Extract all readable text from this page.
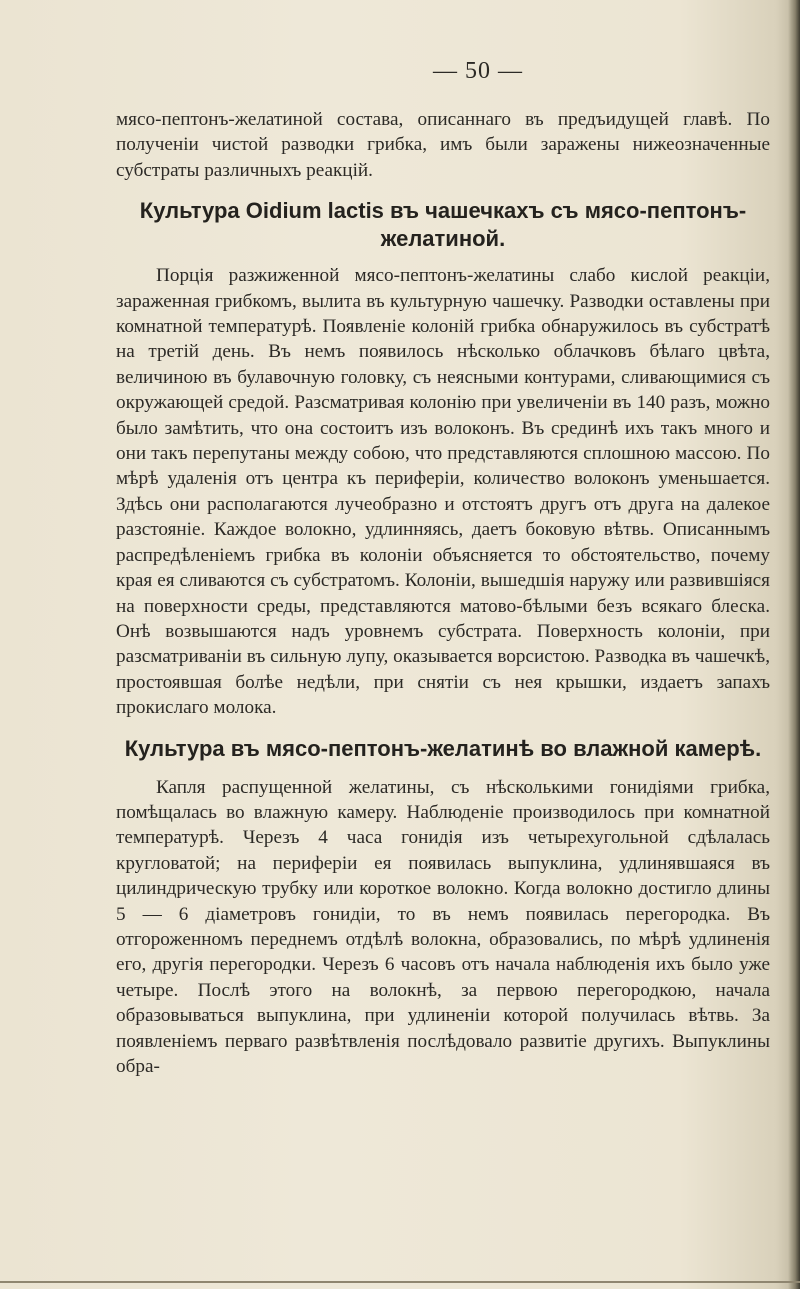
— 50 —

мясо-пептонъ-желатиной состава, описаннаго въ предъидущей главѣ. По полученiи чистой разводки грибка, имъ были заражены нижеозначенные субстраты различныхъ реакцiй.

Культура Oidium lactis въ чашечкахъ съ мясо-пептонъ-желатиной.

Порцiя разжиженной мясо-пептонъ-желатины слабо кислой реакцiи, зараженная грибкомъ, вылита въ культурную чашечку. Разводки оставлены при комнатной температурѣ. Появленiе колонiй грибка обнаружилось въ субстратѣ на третiй день. Въ немъ появилось нѣсколько облачковъ бѣлаго цвѣта, величиною въ булавочную головку, съ неясными контурами, сливающимися съ окружающей средой. Разсматривая колонiю при увеличенiи въ 140 разъ, можно было замѣтить, что она состоитъ изъ волоконъ. Въ срединѣ ихъ такъ много и они такъ перепутаны между собою, что представляются сплошною массою. По мѣрѣ удаленiя отъ центра къ периферiи, количество волоконъ уменьшается. Здѣсь они располагаются лучеобразно и отстоятъ другъ отъ друга на далекое разстоянiе. Каждое волокно, удлинняясь, даетъ боковую вѣтвь. Описаннымъ распредѣленiемъ грибка въ колонiи объясняется то обстоятельство, почему края ея сливаются съ субстратомъ. Колонiи, вышедшiя наружу или развившiяся на поверхности среды, представляются матово-бѣлыми безъ всякаго блеска. Онѣ возвышаются надъ уровнемъ субстрата. Поверхность колонiи, при разсматриванiи въ сильную лупу, оказывается ворсистою. Разводка въ чашечкѣ, простоявшая болѣе недѣли, при снятiи съ нея крышки, издаетъ запахъ прокислаго молока.

Культура въ мясо-пептонъ-желатинѣ во влажной камерѣ.

Капля распущенной желатины, съ нѣсколькими гонидiями грибка, помѣщалась во влажную камеру. Наблюденiе производилось при комнатной температурѣ. Черезъ 4 часа гонидiя изъ четырехугольной сдѣлалась кругловатой; на периферiи ея появилась выпуклина, удлинявшаяся въ цилиндрическую трубку или короткое волокно. Когда волокно достигло длины 5 — 6 дiаметровъ гонидiи, то въ немъ появилась перегородка. Въ отгороженномъ переднемъ отдѣлѣ волокна, образовались, по мѣрѣ удлиненiя его, другiя перегородки. Черезъ 6 часовъ отъ начала наблюденiя ихъ было уже четыре. Послѣ этого на волокнѣ, за первою перегородкою, начала образовываться выпуклина, при удлиненiи которой получилась вѣтвь. За появленiемъ перваго развѣтвленiя послѣдовало развитiе другихъ. Выпуклины обра-
